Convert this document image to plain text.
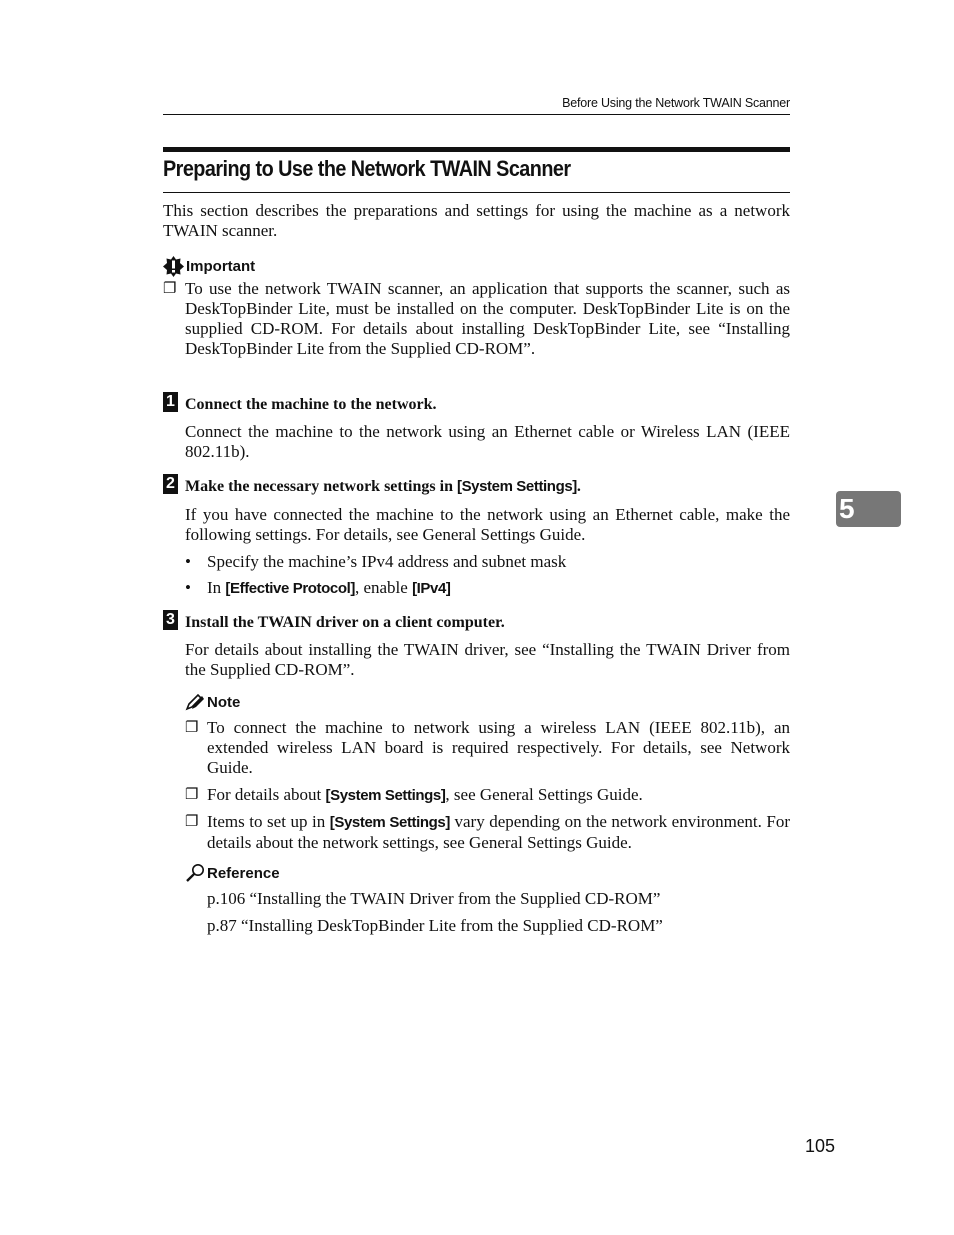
Before Using the Network TWAIN Scanner
Preparing to Use the Network TWAIN Scanner
This section describes the preparations and settings for using the machine as a network TWAIN scanner.
Important
❐ To use the network TWAIN scanner, an application that supports the scanner, such as DeskTopBinder Lite, must be installed on the computer. DeskTopBinder Lite is on the supplied CD-ROM. For details about installing DeskTopBinder Lite, see “Installing DeskTopBinder Lite from the Supplied CD-ROM”.
1 Connect the machine to the network.
Connect the machine to the network using an Ethernet cable or Wireless LAN (IEEE 802.11b).
2 Make the necessary network settings in [System Settings].
If you have connected the machine to the network using an Ethernet cable, make the following settings. For details, see General Settings Guide.
• Specify the machine’s IPv4 address and subnet mask
• In [Effective Protocol], enable [IPv4]
3 Install the TWAIN driver on a client computer.
For details about installing the TWAIN driver, see “Installing the TWAIN Driver from the Supplied CD-ROM”.
Note
❐ To connect the machine to network using a wireless LAN (IEEE 802.11b), an extended wireless LAN board is required respectively. For details, see Network Guide.
❐ For details about [System Settings], see General Settings Guide.
❐ Items to set up in [System Settings] vary depending on the network environment. For details about the network settings, see General Settings Guide.
Reference
p.106 “Installing the TWAIN Driver from the Supplied CD-ROM”
p.87 “Installing DeskTopBinder Lite from the Supplied CD-ROM”
5
105
